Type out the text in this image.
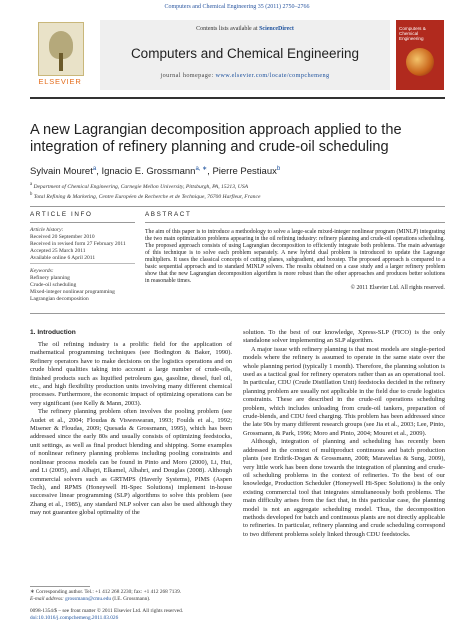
Computers and Chemical Engineering 35 (2011) 2750–2766
ELSEVIER
Contents lists available at ScienceDirect
Computers and Chemical Engineering
journal homepage: www.elsevier.com/locate/compchemeng
Computers & Chemical Engineering
A new Lagrangian decomposition approach applied to the integration of refinery planning and crude-oil scheduling
Sylvain Mouret$^a$, Ignacio E. Grossmann$^{a, ∗}$, Pierre Pestiaux$^b$
$^a$ Department of Chemical Engineering, Carnegie Mellon University, Pittsburgh, PA, 15213, USA
$^b$ Total Refining & Marketing, Centre Européen de Recherche et de Technique, 76700 Harfleur, France
ARTICLE INFO	ABSTRACT
Article history:
Received 20 September 2010
Received in revised form 27 February 2011
Accepted 25 March 2011
Available online 6 April 2011
Keywords:
Refinery planning
Crude-oil scheduling
Mixed-integer nonlinear programming
Lagrangian decomposition
The aim of this paper is to introduce a methodology to solve a large-scale mixed-integer nonlinear program (MINLP) integrating the two main optimization problems appearing in the oil refining industry: refinery planning and crude-oil operations scheduling. The proposed approach consists of using Lagrangian decomposition to efficiently integrate both problems. The main advantage of this technique is to solve each problem separately. A new hybrid dual problem is introduced to update the Lagrange multipliers. It uses the classical concepts of cutting planes, subgradient, and boxstep. The proposed approach is compared to a basic sequential approach and to standard MINLP solvers. The results obtained on a case study and a larger refinery problem show that the new Lagrangian decomposition algorithm is more robust than the other approaches and produces better solutions in reasonable times.
© 2011 Elsevier Ltd. All rights reserved.
1. Introduction

The oil refining industry is a prolific field for the application of mathematical programming techniques (see Bodington & Baker, 1990). Refinery operators have to make decisions on the logistics operations and on crude blend qualities taking into account a large number of crude-oils, finished products such as liquified petroleum gas, gasoline, diesel, fuel oil, etc., and high flexibility production units involving many different chemical processes. Furthermore, the economic impact of optimizing operations can be very significant (see Kelly & Mann, 2003).

The refinery planning problem often involves the pooling problem (see Audet et al., 2004; Floudas & Visweswaran, 1993; Foulds et al., 1992; Misener & Floudas, 2009; Quesada & Grossmann, 1995), which has been addressed since the early 80s and usually consists of optimizing feedstocks, unit settings, as well as final product blending and shipping. Some examples of nonlinear refinery planning problems including pooling constraints and nonlinear process models can be found in Pinto and Moro (2000), Li, Hui, and Li (2005), and Alhajri, Elkamel, Albahri, and Douglas (2008). Although commercial solvers such as GRTMPS (Haverly Systems), PIMS (Aspen Tech), and RPMS (Honeywell Hi-Spec Solutions) implement in-house successive linear programming (SLP) algorithms to solve this problem (see Zhang et al., 1985), any standard NLP solver can also be used although they may not guarantee global optimality of the

solution. To the best of our knowledge, Xpress-SLP (FICO) is the only standalone solver implementing an SLP algorithm.

A major issue with refinery planning is that most models are single-period models where the refinery is assumed to operate in the same state over the whole planning period (typically 1 month). Therefore, the planning solution is used as a tactical goal for refinery operators rather than as an operational tool. In particular, CDU (Crude Distillation Unit) feedstocks decided in the refinery planning problem are usually not applicable in the field due to crude logistics constraints. These are described in the crude-oil operations scheduling problem, which includes unloading from crude-oil tankers, preparation of crude-blends, and CDU feed charging. This problem has been addressed since the late 90s by many different research groups (see Jia et al., 2003; Lee, Pinto, Grossmann, & Park, 1996; Moro and Pinto, 2004; Mouret et al., 2009).

Although, integration of planning and scheduling has recently been addressed in the context of multiproduct continuous and batch production plants (see Erdirik-Dogan & Grossmann, 2008; Maravelias & Sung, 2009), very little work has been done towards the integration of planning and crude-oil scheduling problems in the context of refineries. To the best of our knowledge, Production Scheduler (Honeywell Hi-Spec Solutions) is the only existing commercial tool that integrates simultaneously both problems. The main difficulty arises from the fact that, in this particular case, the planning model is not an aggregate scheduling model. Thus, the decomposition methods developed for batch and continuous plants are not directly applicable to refineries. In particular, refinery planning and crude scheduling correspond to two different problems solely linked through CDU feedstocks.

∗ Corresponding author. Tel.: +1 412 268 2230; fax: +1 412 268 7139.
E-mail address: grossmann@cmu.edu (I.E. Grossmann).
0098-1354/$ – see front matter © 2011 Elsevier Ltd. All rights reserved.
doi:10.1016/j.compchemeng.2011.03.026
